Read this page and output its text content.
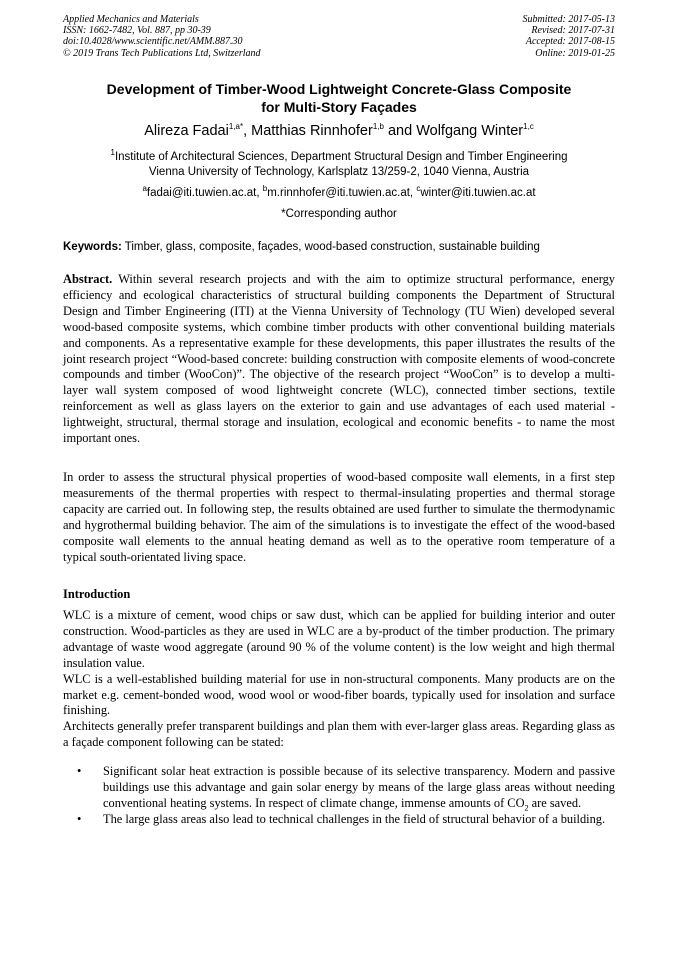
Applied Mechanics and Materials
ISSN: 1662-7482, Vol. 887, pp 30-39
doi:10.4028/www.scientific.net/AMM.887.30
© 2019 Trans Tech Publications Ltd, Switzerland
Submitted: 2017-05-13
Revised: 2017-07-31
Accepted: 2017-08-15
Online: 2019-01-25
Development of Timber-Wood Lightweight Concrete-Glass Composite
for Multi-Story Façades
Alireza Fadai$^{1,a*}$, Matthias Rinnhofer$^{1,b}$ and Wolfgang Winter$^{1,c}$
$^1$Institute of Architectural Sciences, Department Structural Design and Timber Engineering
Vienna University of Technology, Karlsplatz 13/259-2, 1040 Vienna, Austria
$^a$fadai@iti.tuwien.ac.at, $^b$m.rinnhofer@iti.tuwien.ac.at, $^c$winter@iti.tuwien.ac.at
*Corresponding author
Keywords: Timber, glass, composite, façades, wood-based construction, sustainable building

Abstract. Within several research projects and with the aim to optimize structural performance, energy efficiency and ecological characteristics of structural building components the Department of Structural Design and Timber Engineering (ITI) at the Vienna University of Technology (TU Wien) developed several wood-based composite systems, which combine timber products with other conventional building materials and components. As a representative example for these developments, this paper illustrates the results of the joint research project “Wood-based concrete: building construction with composite elements of wood-concrete compounds and timber (WooCon)”. The objective of the research project “WooCon” is to develop a multi-layer wall system composed of wood lightweight concrete (WLC), connected timber sections, textile reinforcement as well as glass layers on the exterior to gain and use advantages of each used material - lightweight, structural, thermal storage and insulation, ecological and economic benefits - to name the most important ones.

In order to assess the structural physical properties of wood-based composite wall elements, in a first step measurements of the thermal properties with respect to thermal-insulating properties and thermal storage capacity are carried out. In following step, the results obtained are used further to simulate the thermodynamic and hygrothermal building behavior. The aim of the simulations is to investigate the effect of the wood-based composite wall elements to the annual heating demand as well as to the operative room temperature of a typical south-orientated living space.

Introduction

WLC is a mixture of cement, wood chips or saw dust, which can be applied for building interior and outer construction. Wood-particles as they are used in WLC are a by-product of the timber production. The primary advantage of waste wood aggregate (around 90 % of the volume content) is the low weight and high thermal insulation value.

WLC is a well-established building material for use in non-structural components. Many products are on the market e.g. cement-bonded wood, wood wool or wood-fiber boards, typically used for insolation and surface finishing.

Architects generally prefer transparent buildings and plan them with ever-larger glass areas. Regarding glass as a façade component following can be stated:

• Significant solar heat extraction is possible because of its selective transparency. Modern and passive buildings use this advantage and gain solar energy by means of the large glass areas without needing conventional heating systems. In respect of climate change, immense amounts of $CO_2$ are saved.
• The large glass areas also lead to technical challenges in the field of structural behavior of a building.
